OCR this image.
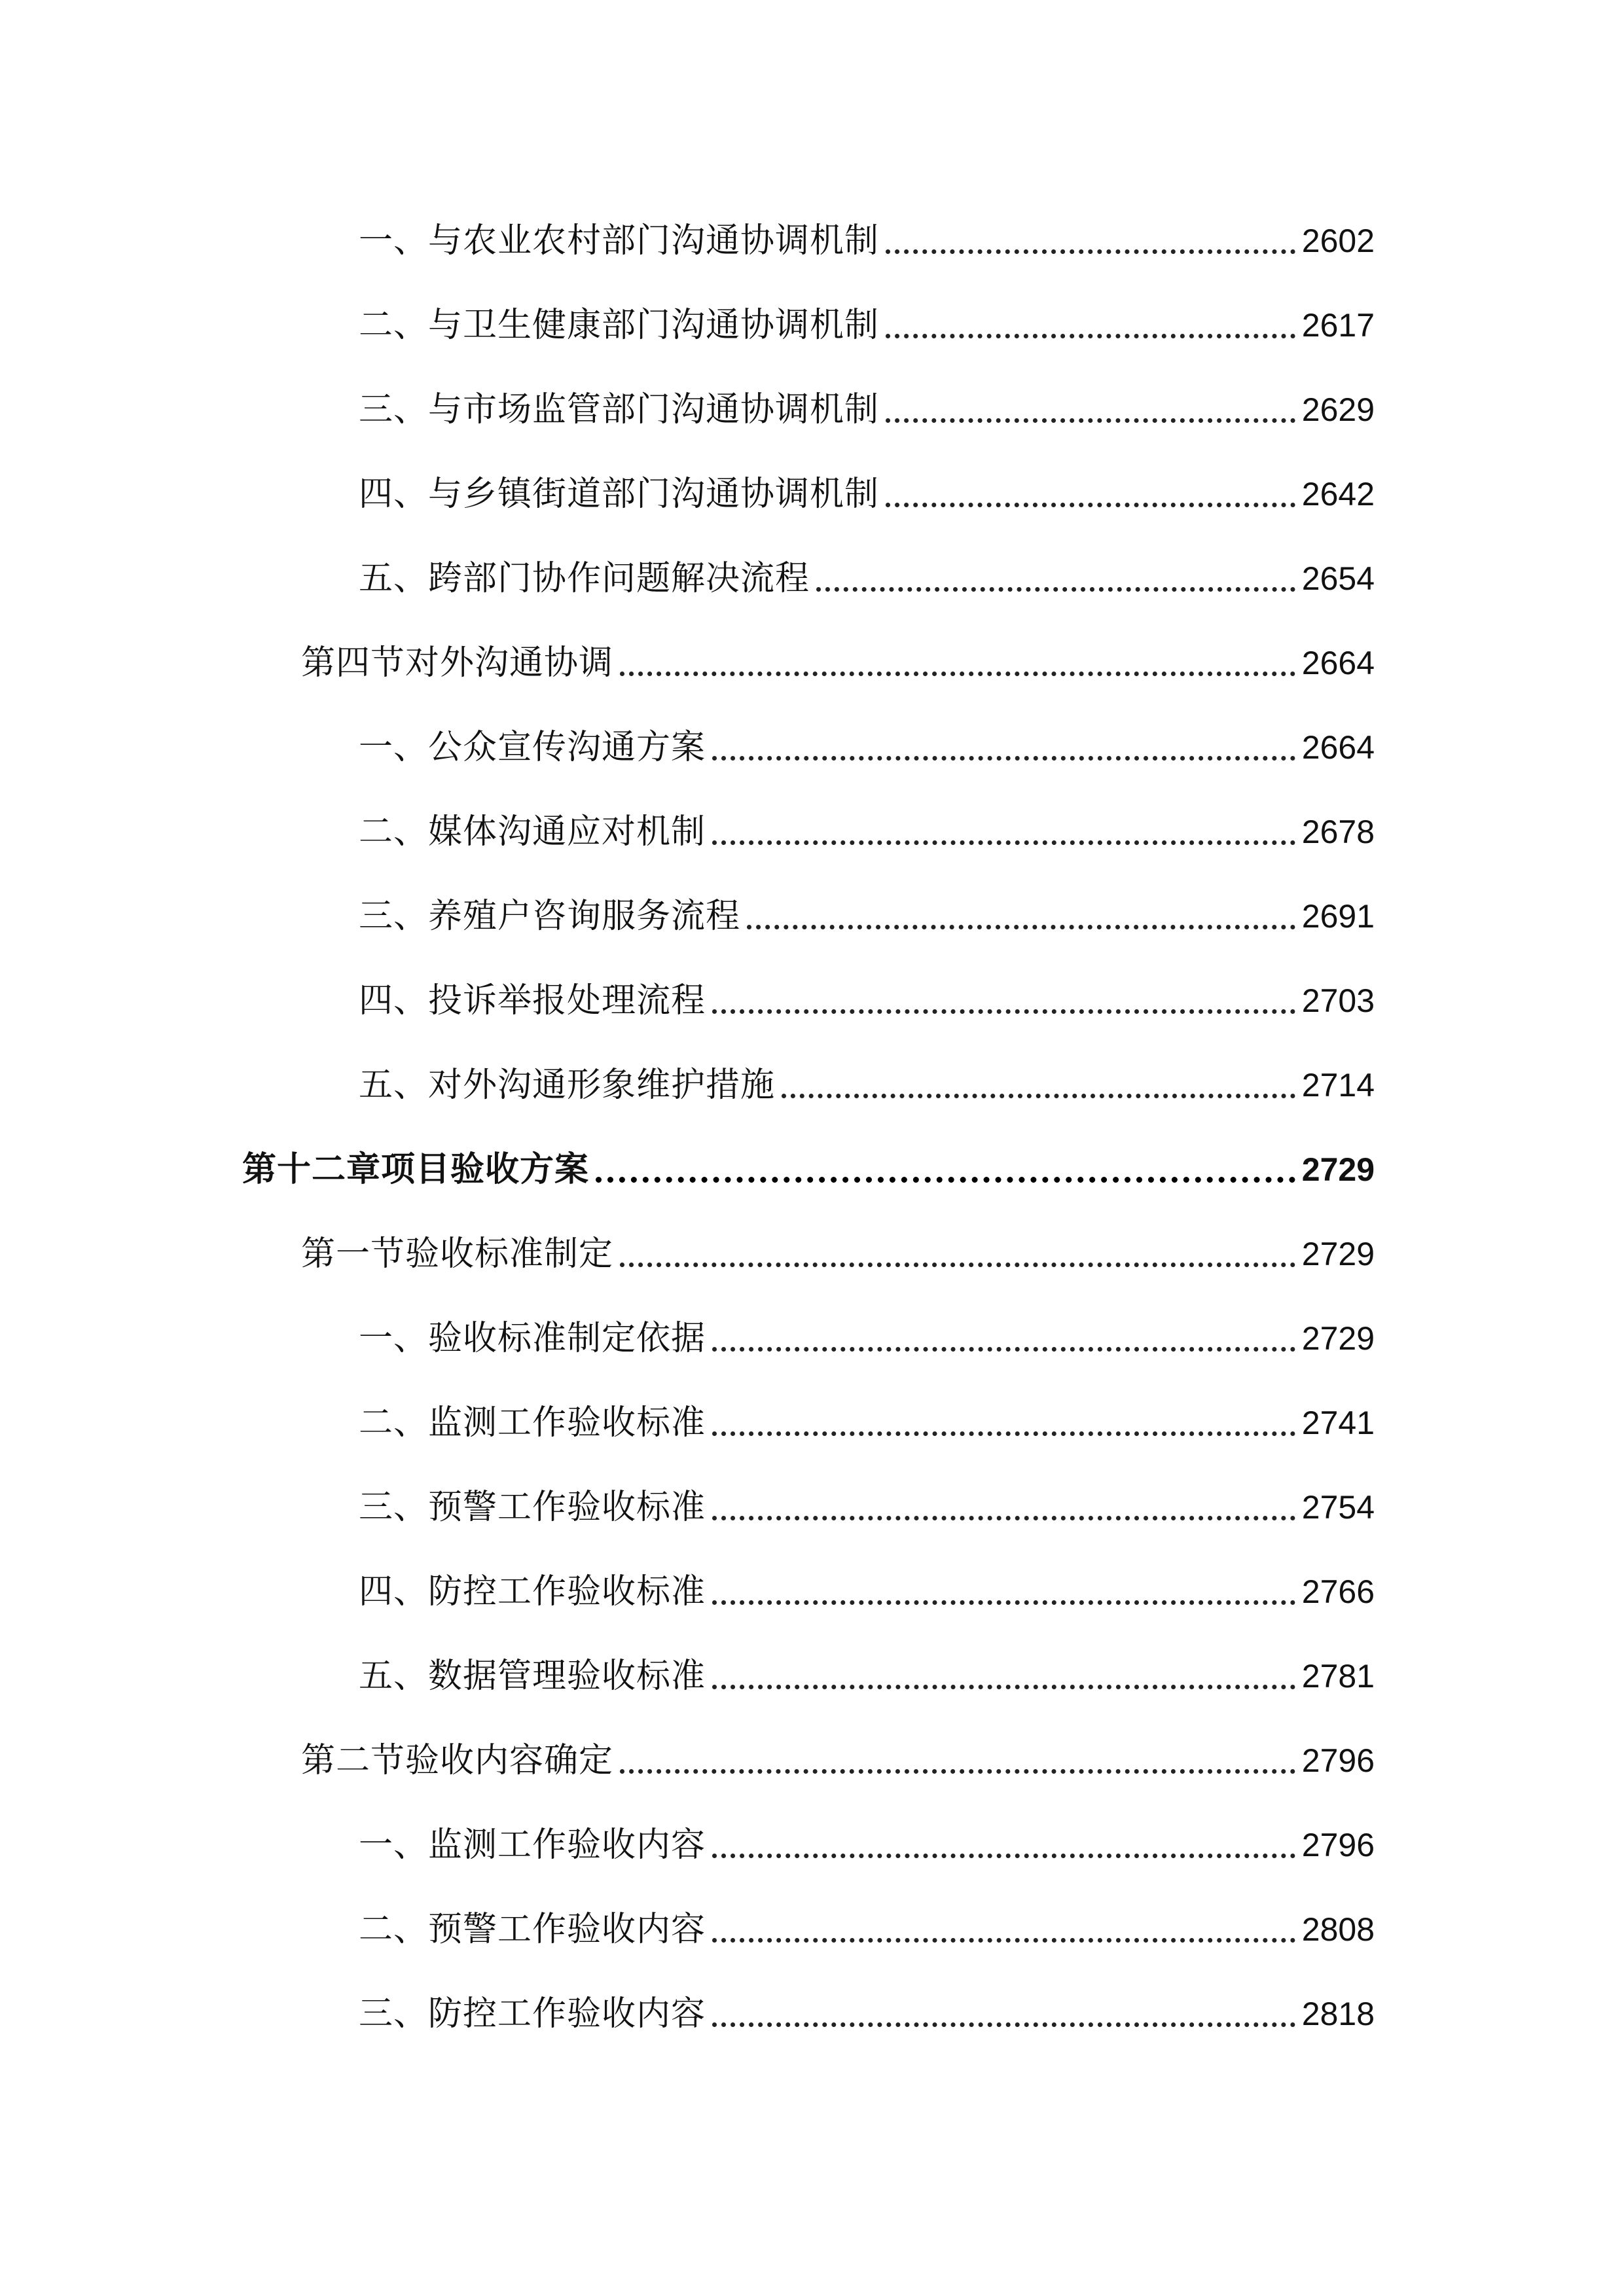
一、与农业农村部门沟通协调机制	2602
二、与卫生健康部门沟通协调机制	2617
三、与市场监管部门沟通协调机制	2629
四、与乡镇街道部门沟通协调机制	2642
五、跨部门协作问题解决流程	2654
第四节对外沟通协调	2664
一、公众宣传沟通方案	2664
二、媒体沟通应对机制	2678
三、养殖户咨询服务流程	2691
四、投诉举报处理流程	2703
五、对外沟通形象维护措施	2714
第十二章项目验收方案	2729
第一节验收标准制定	2729
一、验收标准制定依据	2729
二、监测工作验收标准	2741
三、预警工作验收标准	2754
四、防控工作验收标准	2766
五、数据管理验收标准	2781
第二节验收内容确定	2796
一、监测工作验收内容	2796
二、预警工作验收内容	2808
三、防控工作验收内容	2818
